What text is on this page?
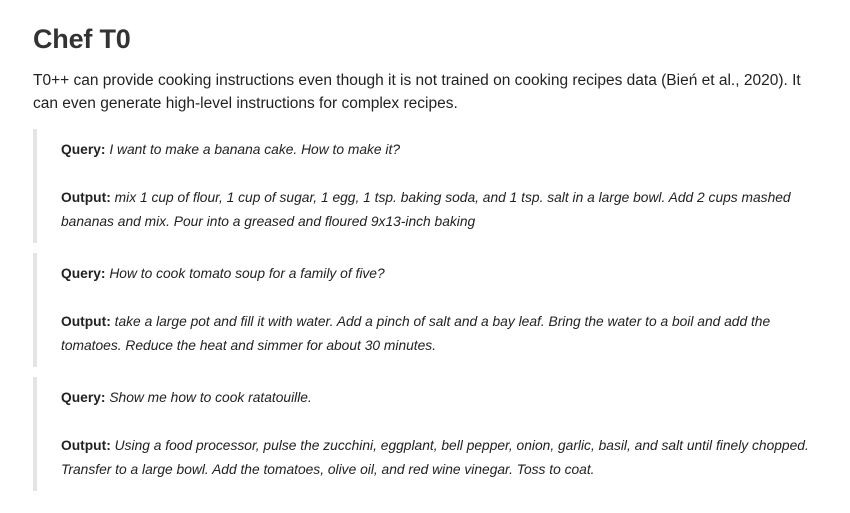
Chef T0

T0++ can provide cooking instructions even though it is not trained on cooking recipes data (Bień et al., 2020). It can even generate high-level instructions for complex recipes.

Query: I want to make a banana cake. How to make it?

Output: mix 1 cup of flour, 1 cup of sugar, 1 egg, 1 tsp. baking soda, and 1 tsp. salt in a large bowl. Add 2 cups mashed bananas and mix. Pour into a greased and floured 9x13-inch baking

Query: How to cook tomato soup for a family of five?

Output: take a large pot and fill it with water. Add a pinch of salt and a bay leaf. Bring the water to a boil and add the tomatoes. Reduce the heat and simmer for about 30 minutes.

Query: Show me how to cook ratatouille.

Output: Using a food processor, pulse the zucchini, eggplant, bell pepper, onion, garlic, basil, and salt until finely chopped. Transfer to a large bowl. Add the tomatoes, olive oil, and red wine vinegar. Toss to coat.
